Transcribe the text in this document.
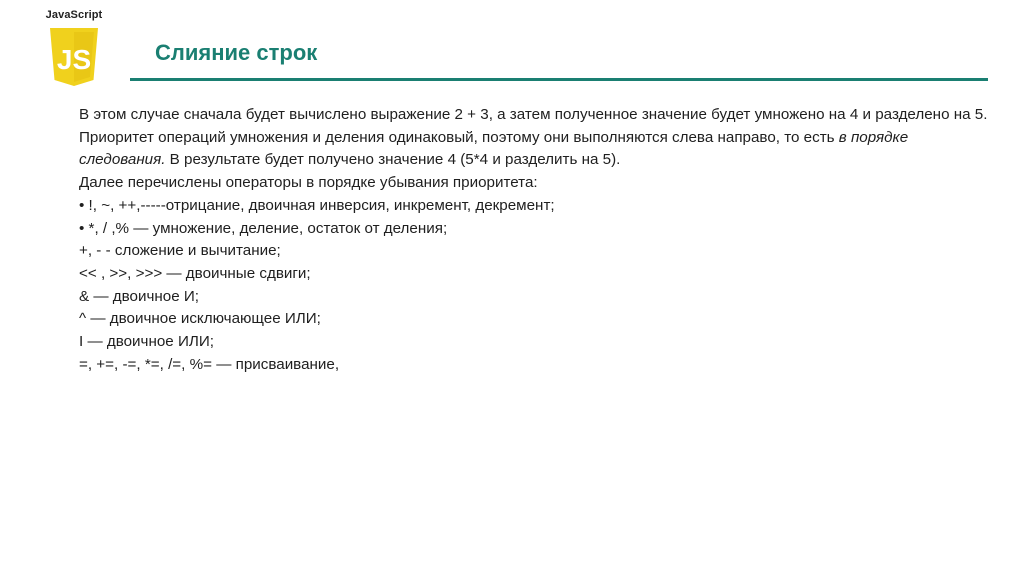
JavaScript
JS	Слияние строк

В этом случае сначала будет вычислено выражение 2 + 3, а затем полученное значение будет умножено на 4 и разделено на 5. Приоритет операций умножения и деления одинаковый, поэтому они выполняются слева направо, то есть в порядке следования. В результате будет получено значение 4 (5*4 и разделить на 5).

Далее перечислены операторы в порядке убывания приоритета:

• !, ~, ++,-----отрицание, двоичная инверсия, инкремент, декремент;

• *, / ,% — умножение, деление, остаток от деления;

+, - - сложение и вычитание;

<< , >>, >>> — двоичные сдвиги;

& — двоичное И;

^ — двоичное исключающее ИЛИ;

I — двоичное ИЛИ;

=, +=, -=, *=, /=, %= — присваивание,
